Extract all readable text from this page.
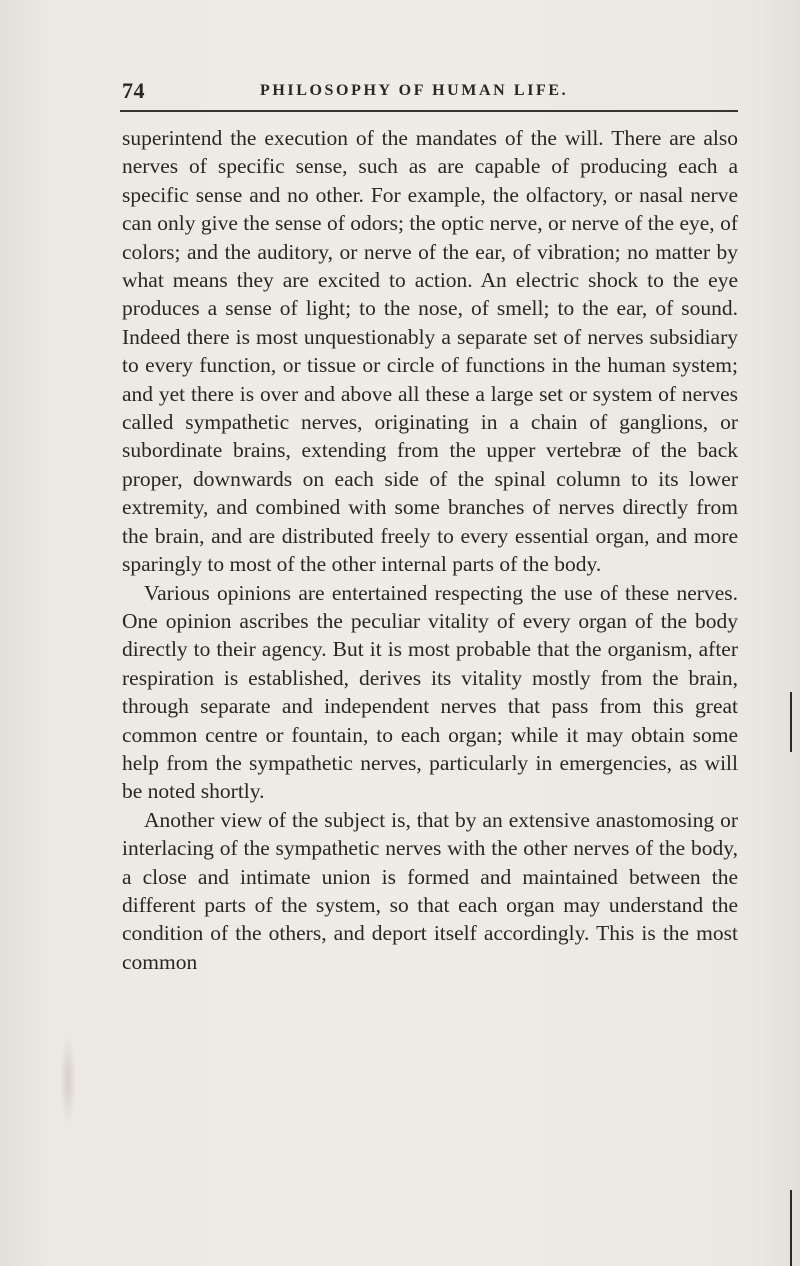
74	PHILOSOPHY OF HUMAN LIFE.

superintend the execution of the mandates of the will. There are also nerves of specific sense, such as are capable of producing each a specific sense and no other. For example, the olfactory, or nasal nerve can only give the sense of odors; the optic nerve, or nerve of the eye, of colors; and the auditory, or nerve of the ear, of vibration; no matter by what means they are excited to action. An electric shock to the eye produces a sense of light; to the nose, of smell; to the ear, of sound. Indeed there is most unquestionably a separate set of nerves subsidiary to every function, or tissue or circle of functions in the human system; and yet there is over and above all these a large set or system of nerves called sympathetic nerves, originating in a chain of ganglions, or subordinate brains, extending from the upper vertebræ of the back proper, downwards on each side of the spinal column to its lower extremity, and combined with some branches of nerves directly from the brain, and are distributed freely to every essential organ, and more sparingly to most of the other internal parts of the body.

Various opinions are entertained respecting the use of these nerves. One opinion ascribes the peculiar vitality of every organ of the body directly to their agency. But it is most probable that the organism, after respiration is established, derives its vitality mostly from the brain, through separate and independent nerves that pass from this great common centre or fountain, to each organ; while it may obtain some help from the sympathetic nerves, particularly in emergencies, as will be noted shortly.

Another view of the subject is, that by an extensive anastomosing or interlacing of the sympathetic nerves with the other nerves of the body, a close and intimate union is formed and maintained between the different parts of the system, so that each organ may understand the condition of the others, and deport itself accordingly. This is the most common
